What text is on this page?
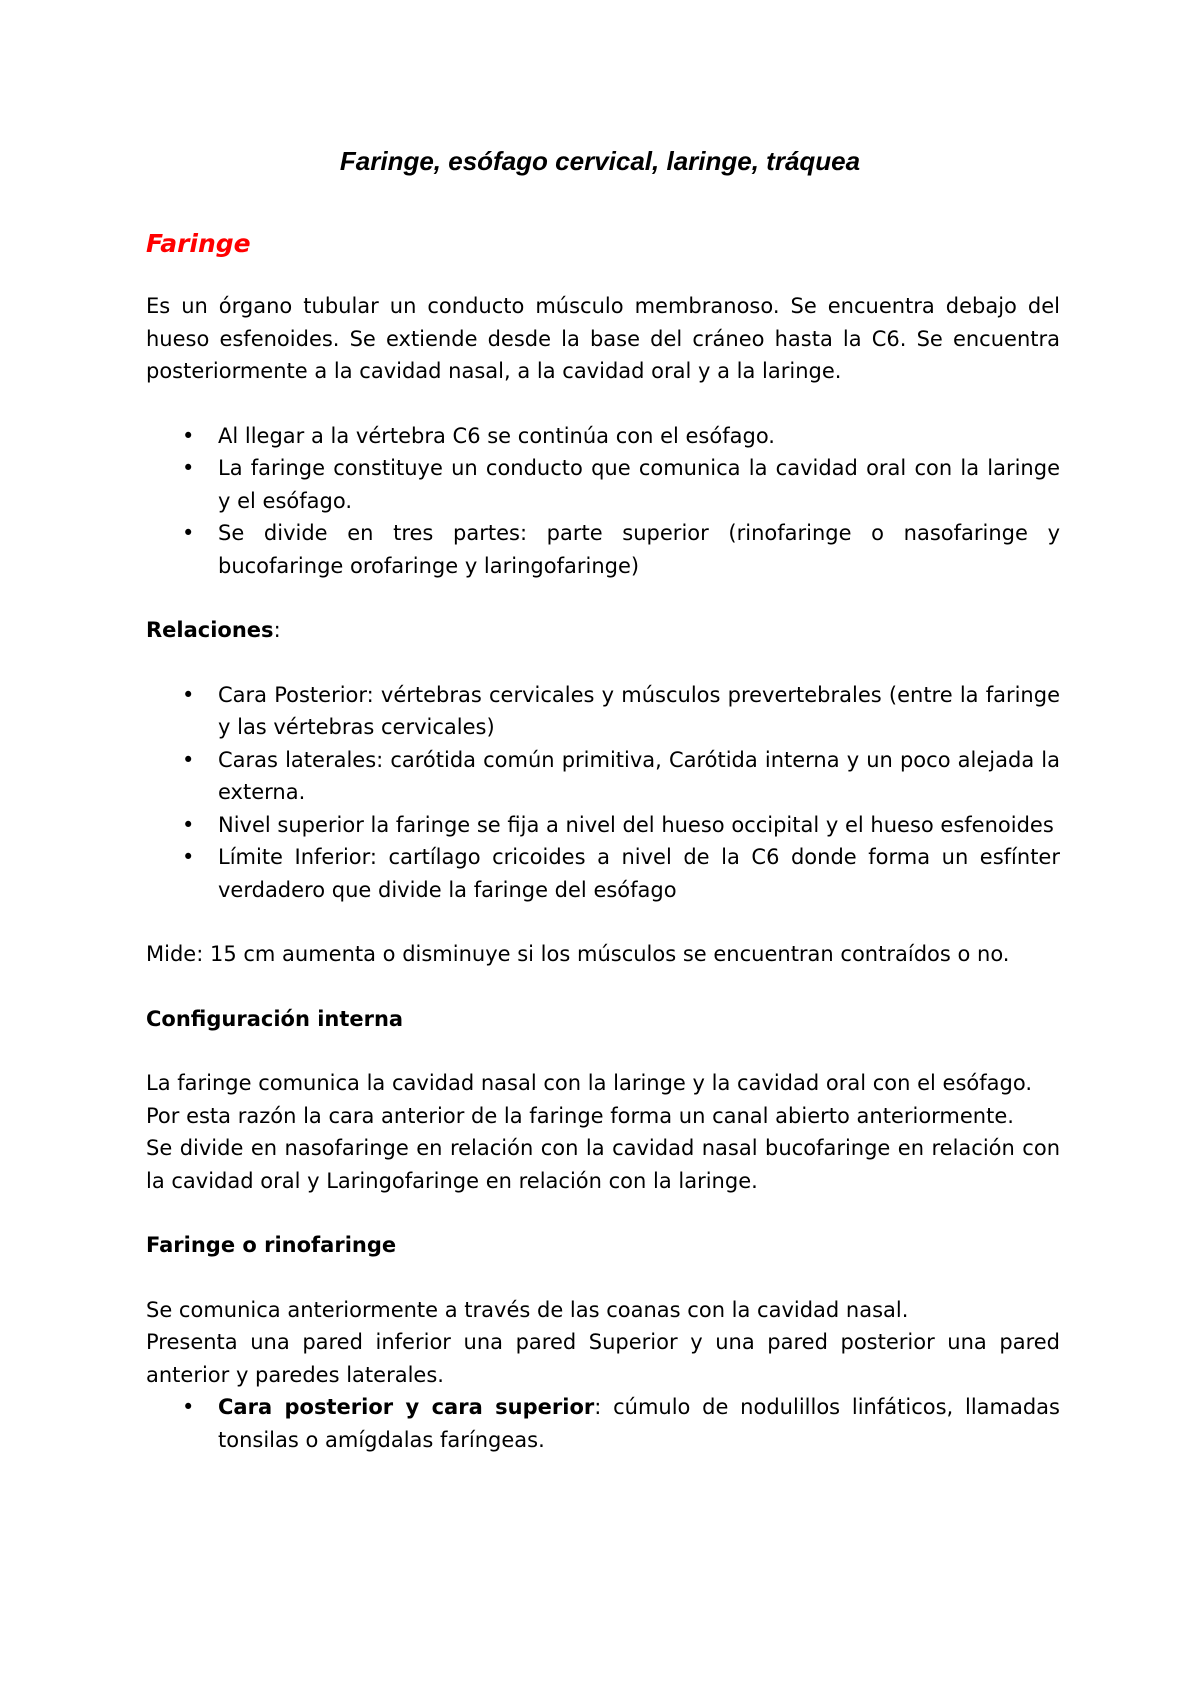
Faringe, esófago cervical, laringe, tráquea
Faringe

Es un órgano tubular un conducto músculo membranoso. Se encuentra debajo del hueso esfenoides. Se extiende desde la base del cráneo hasta la C6. Se encuentra posteriormente a la cavidad nasal, a la cavidad oral y a la laringe.

• Al llegar a la vértebra C6 se continúa con el esófago.
• La faringe constituye un conducto que comunica la cavidad oral con la laringe y el esófago.
• Se divide en tres partes: parte superior (rinofaringe o nasofaringe y bucofaringe orofaringe y laringofaringe)

Relaciones:

• Cara Posterior: vértebras cervicales y músculos prevertebrales (entre la faringe y las vértebras cervicales)
• Caras laterales: carótida común primitiva, Carótida interna y un poco alejada la externa.
• Nivel superior la faringe se fija a nivel del hueso occipital y el hueso esfenoides
• Límite Inferior: cartílago cricoides a nivel de la C6 donde forma un esfínter verdadero que divide la faringe del esófago

Mide: 15 cm aumenta o disminuye si los músculos se encuentran contraídos o no.

Configuración interna

La faringe comunica la cavidad nasal con la laringe y la cavidad oral con el esófago.

Por esta razón la cara anterior de la faringe forma un canal abierto anteriormente.

Se divide en nasofaringe en relación con la cavidad nasal bucofaringe en relación con la cavidad oral y Laringofaringe en relación con la laringe.

Faringe o rinofaringe

Se comunica anteriormente a través de las coanas con la cavidad nasal.

Presenta una pared inferior una pared Superior y una pared posterior una pared anterior y paredes laterales.

• Cara posterior y cara superior: cúmulo de nodulillos linfáticos, llamadas tonsilas o amígdalas faríngeas.
